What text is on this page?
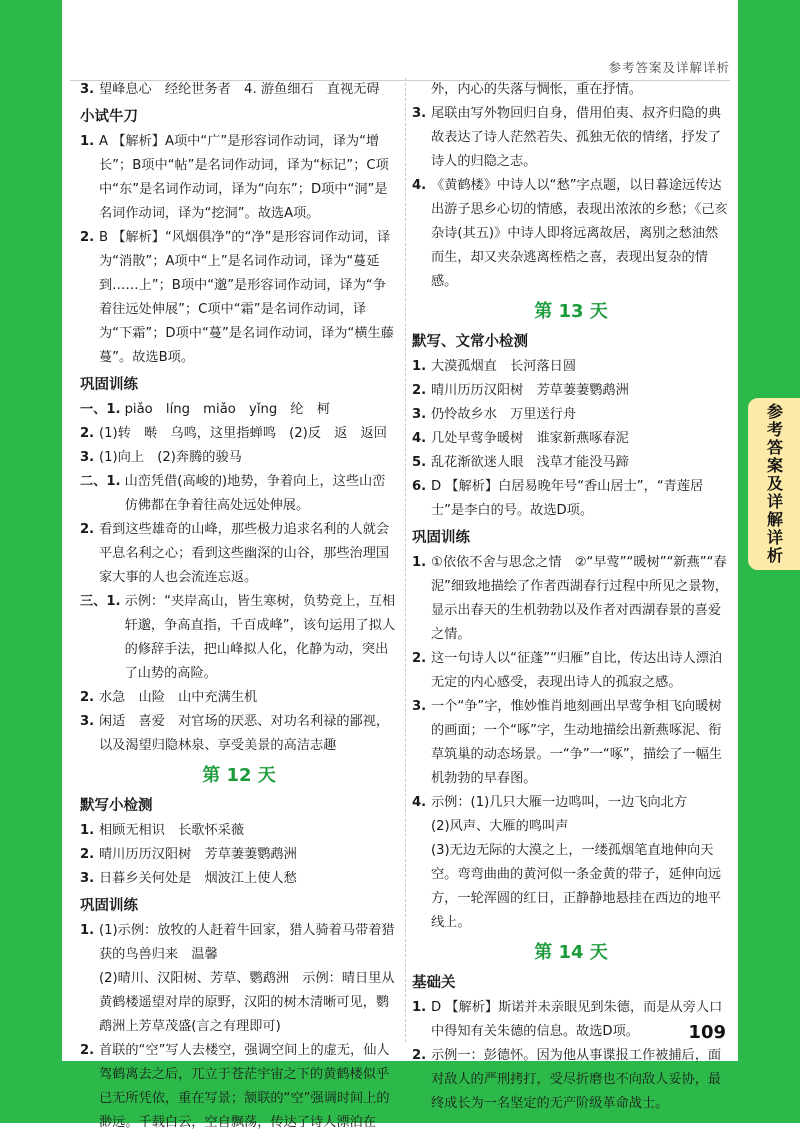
参考答案及详解详析
参考答案及详解详析
3. 望峰息心　经纶世务者　4. 游鱼细石　直视无碍
小试牛刀
1. A 【解析】A项中“广”是形容词作动词，译为“增长”；B项中“帖”是名词作动词，译为“标记”；C项中“东”是名词作动词，译为“向东”；D项中“洞”是名词作动词，译为“挖洞”。故选A项。
2. B 【解析】“风烟俱净”的“净”是形容词作动词，译为“消散”；A项中“上”是名词作动词，译为“蔓延到……上”；B项中“邈”是形容词作动词，译为“争着往远处伸展”；C项中“霜”是名词作动词，译为“下霜”；D项中“蔓”是名词作动词，译为“横生藤蔓”。故选B项。
巩固训练
一、1. piǎo　líng　miǎo　yǐng　纶　柯
2. (1)转　啭　乌鸣，这里指蝉鸣　(2)反　返　返回
3. (1)向上　(2)奔腾的骏马
二、1. 山峦凭借(高峻的)地势，争着向上，这些山峦仿佛都在争着往高处远处伸展。
2. 看到这些雄奇的山峰，那些极力追求名利的人就会平息名利之心；看到这些幽深的山谷，那些治理国家大事的人也会流连忘返。
三、1. 示例：“夹岸高山，皆生寒树，负势竞上，互相轩邈，争高直指，千百成峰”，该句运用了拟人的修辞手法，把山峰拟人化，化静为动，突出了山势的高险。
2. 水急　山险　山中充满生机
3. 闲适　喜爱　对官场的厌恶、对功名利禄的鄙视，以及渴望归隐林泉、享受美景的高洁志趣
第 12 天
默写小检测
1. 相顾无相识　长歌怀采薇
2. 晴川历历汉阳树　芳草萋萋鹦鹉洲
3. 日暮乡关何处是　烟波江上使人愁
巩固训练
1. (1)示例：放牧的人赶着牛回家，猎人骑着马带着猎获的鸟兽归来　温馨
(2)晴川、汉阳树、芳草、鹦鹉洲　示例：晴日里从黄鹤楼遥望对岸的原野，汉阳的树木清晰可见，鹦鹉洲上芳草茂盛(言之有理即可)
2. 首联的“空”写人去楼空，强调空间上的虚无，仙人驾鹤离去之后，兀立于苍茫宇宙之下的黄鹤楼似乎已无所凭依，重在写景；颔联的“空”强调时间上的渺远。千载白云，空自飘荡，传达了诗人漂泊在
外，内心的失落与惆怅，重在抒情。
3. 尾联由写外物回归自身，借用伯夷、叔齐归隐的典故表达了诗人茫然若失、孤独无依的情绪，抒发了诗人的归隐之志。
4. 《黄鹤楼》中诗人以“愁”字点题，以日暮途远传达出游子思乡心切的情感，表现出浓浓的乡愁；《己亥杂诗(其五)》中诗人即将远离故居，离别之愁油然而生，却又夹杂逃离桎梏之喜，表现出复杂的情感。
第 13 天
默写、文常小检测
1. 大漠孤烟直　长河落日圆
2. 晴川历历汉阳树　芳草萋萋鹦鹉洲
3. 仍怜故乡水　万里送行舟
4. 几处早莺争暖树　谁家新燕啄春泥
5. 乱花渐欲迷人眼　浅草才能没马蹄
6. D 【解析】白居易晚年号“香山居士”，“青莲居士”是李白的号。故选D项。
巩固训练
1. ①依依不舍与思念之情　②“早莺”“暖树”“新燕”“春泥”细致地描绘了作者西湖春行过程中所见之景物，显示出春天的生机勃勃以及作者对西湖春景的喜爱之情。
2. 这一句诗人以“征蓬”“归雁”自比，传达出诗人漂泊无定的内心感受，表现出诗人的孤寂之感。
3. 一个“争”字，惟妙惟肖地刻画出早莺争相飞向暖树的画面；一个“啄”字，生动地描绘出新燕啄泥、衔草筑巢的动态场景。一“争”一“啄”，描绘了一幅生机勃勃的早春图。
4. 示例：(1)几只大雁一边鸣叫，一边飞向北方
(2)风声、大雁的鸣叫声
(3)无边无际的大漠之上，一缕孤烟笔直地伸向天空。弯弯曲曲的黄河似一条金黄的带子，延伸向远方，一轮浑圆的红日，正静静地悬挂在西边的地平线上。
第 14 天
基础关
1. D 【解析】斯诺并未亲眼见到朱德，而是从旁人口中得知有关朱德的信息。故选D项。
2. 示例一：彭德怀。因为他从事谍报工作被捕后，面对敌人的严刑拷打，受尽折磨也不向敌人妥协，最终成长为一名坚定的无产阶级革命战士。
109
